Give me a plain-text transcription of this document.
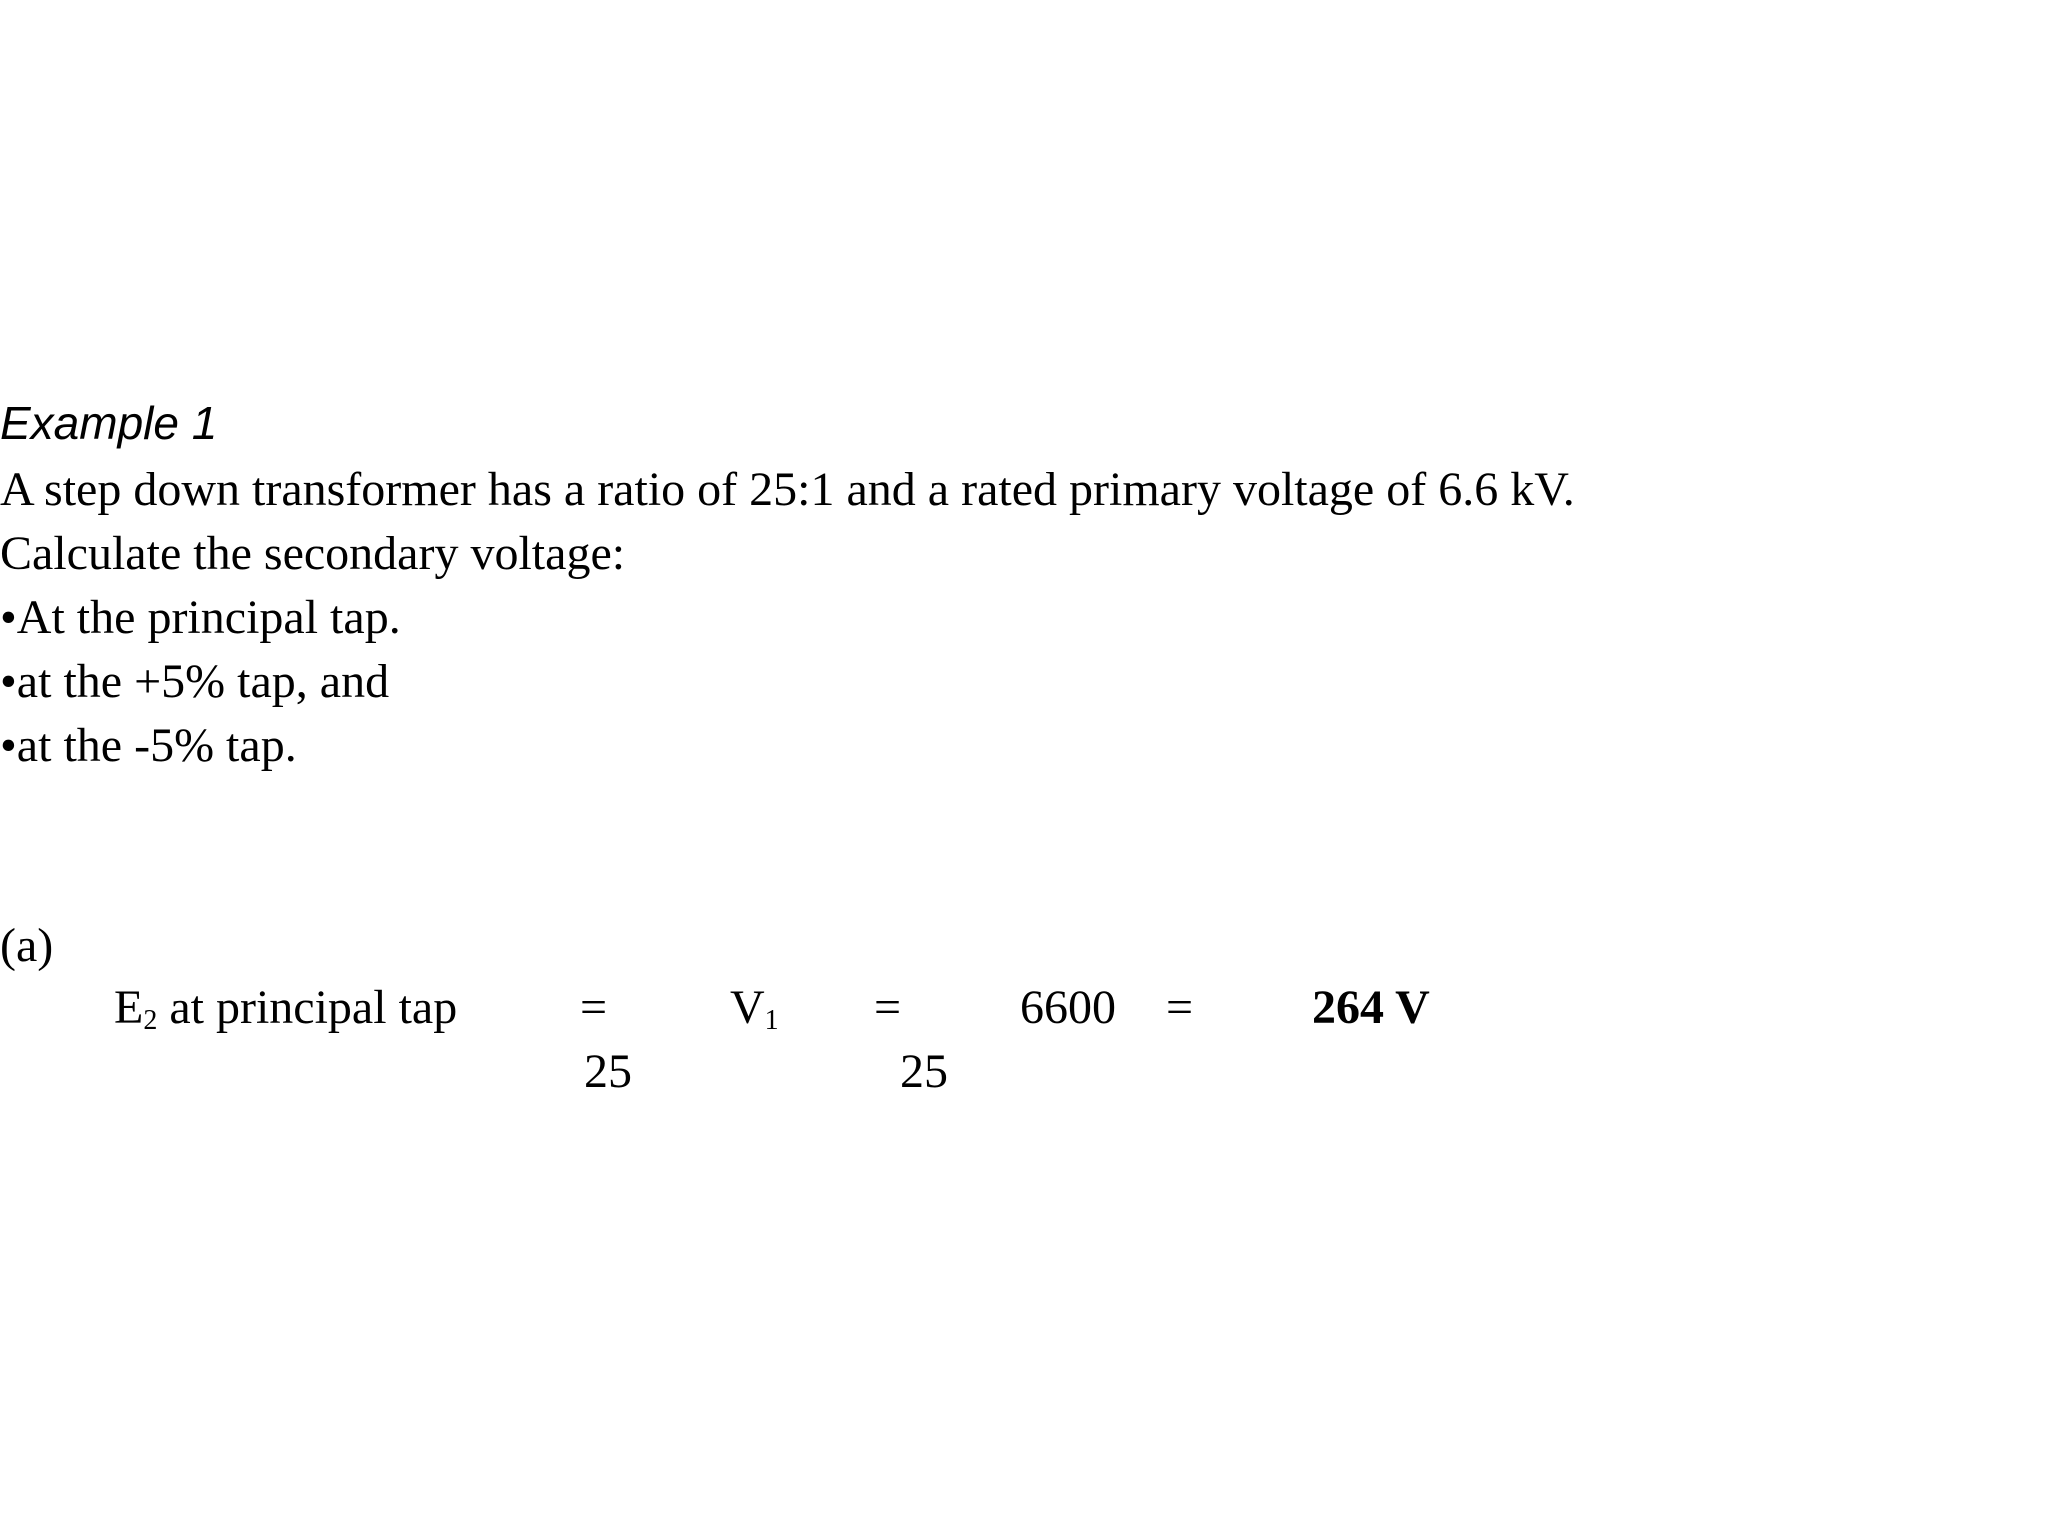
Example 1
A step down transformer has a ratio of 25:1 and a rated primary voltage of 6.6 kV.
Calculate the secondary voltage:
•At the principal tap.
•at the +5% tap, and
•at the -5% tap.
(a)
$E_2$ at principal tap	=	$V_1 = 6600 = 264$ V
25	25
